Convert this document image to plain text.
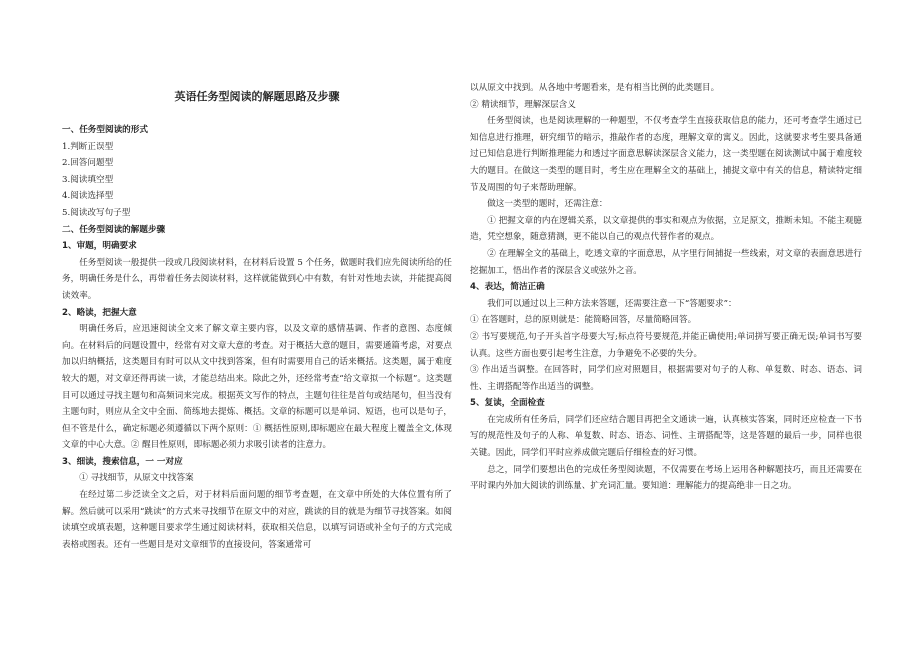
英语任务型阅读的解题思路及步骤

一、任务型阅读的形式

1.判断正误型

2.回答问题型

3.阅读填空型

4.阅读选择型

5.阅读改写句子型

二、任务型阅读的解题步骤

1、审题，明确要求

任务型阅读一般提供一段或几段阅读材料，在材料后设置 5 个任务，做题时我们应先阅读所给的任务，明确任务是什么，再带着任务去阅读材料，这样就能做到心中有数，有针对性地去读，并能提高阅读效率。

2、略读，把握大意

明确任务后，应迅速阅读全文来了解文章主要内容，以及文章的感情基调、作者的意图、态度倾向。在材料后的问题设置中，经常有对文章大意的考查。对于概括大意的题目，需要通篇考虑，对要点加以归纳概括，这类题目有时可以从文中找到答案，但有时需要用自己的话来概括。这类题，属于难度较大的题，对文章还得再读一读，才能总结出来。除此之外，还经常考查“给文章拟一个标题”。这类题目可以通过寻找主题句和高频词来完成。根据英文写作的特点，主题句往往是首句或结尾句，但当没有主题句时，则应从全文中全面、简练地去提炼、概括。文章的标题可以是单词、短语，也可以是句子，但不管是什么，确定标题必须遵循以下两个原则：① 概括性原则,即标题应在最大程度上覆盖全文,体现文章的中心大意。② 醒目性原则，即标题必须力求吸引读者的注意力。

3、细读，搜索信息，一 一对应

① 寻找细节，从原文中找答案

在经过第二步泛读全文之后，对于材料后面问题的细节考查题，在文章中所处的大体位置有所了解。然后就可以采用“跳读”的方式来寻找细节在原文中的对应，跳读的目的就是为细节寻找答案。如阅读填空或填表题，这种题目要求学生通过阅读材料，获取相关信息，以填写词语或补全句子的方式完成表格或图表。还有一些题目是对文章细节的直接设问，答案通常可

以从原文中找到。从各地中考题看来，是有相当比例的此类题目。

② 精读细节，理解深层含义

任务型阅读，也是阅读理解的一种题型，不仅考查学生直接获取信息的能力，还可考查学生通过已知信息进行推理，研究细节的暗示，推敲作者的态度，理解文章的寓义。因此，这就要求考生要具备通过已知信息进行判断推理能力和透过字面意思解读深层含义能力，这一类型题在阅读测试中属于难度较大的题目。在做这一类型的题目时，考生应在理解全文的基础上，捕捉文章中有关的信息，精读特定细节及周围的句子来帮助理解。

做这一类型的题时，还需注意：

① 把握文章的内在逻辑关系，以文章提供的事实和观点为依据，立足原文，推断未知。不能主观臆造，凭空想象，随意猜测，更不能以自己的观点代替作者的观点。

② 在理解全文的基础上，吃透文章的字面意思，从字里行间捕捉一些线索，对文章的表面意思进行挖掘加工，悟出作者的深层含义或弦外之音。

4、表达，简洁正确

我们可以通过以上三种方法来答题，还需要注意一下“答题要求”：

① 在答题时，总的原则就是：能简略回答，尽量简略回答。

② 书写要规范,句子开头首字母要大写;标点符号要规范,并能正确使用;单词拼写要正确无误;单词书写要认真。这些方面也要引起考生注意，力争避免不必要的失分。

③ 作出适当调整。在回答时，同学们应对照题目，根据需要对句子的人称、单复数、时态、语态、词性、主谓搭配等作出适当的调整。

5、复读，全面检查

在完成所有任务后，同学们还应结合题目再把全文通读一遍，认真核实答案，同时还应检查一下书写的规范性及句子的人称、单复数、时态、语态、词性、主谓搭配等，这是答题的最后一步，同样也很关键。因此，同学们平时应养成做完题后仔细检查的好习惯。

总之，同学们要想出色的完成任务型阅读题，不仅需要在考场上运用各种解题技巧，而且还需要在平时课内外加大阅读的训练量、扩充词汇量。要知道：理解能力的提高绝非一日之功。
